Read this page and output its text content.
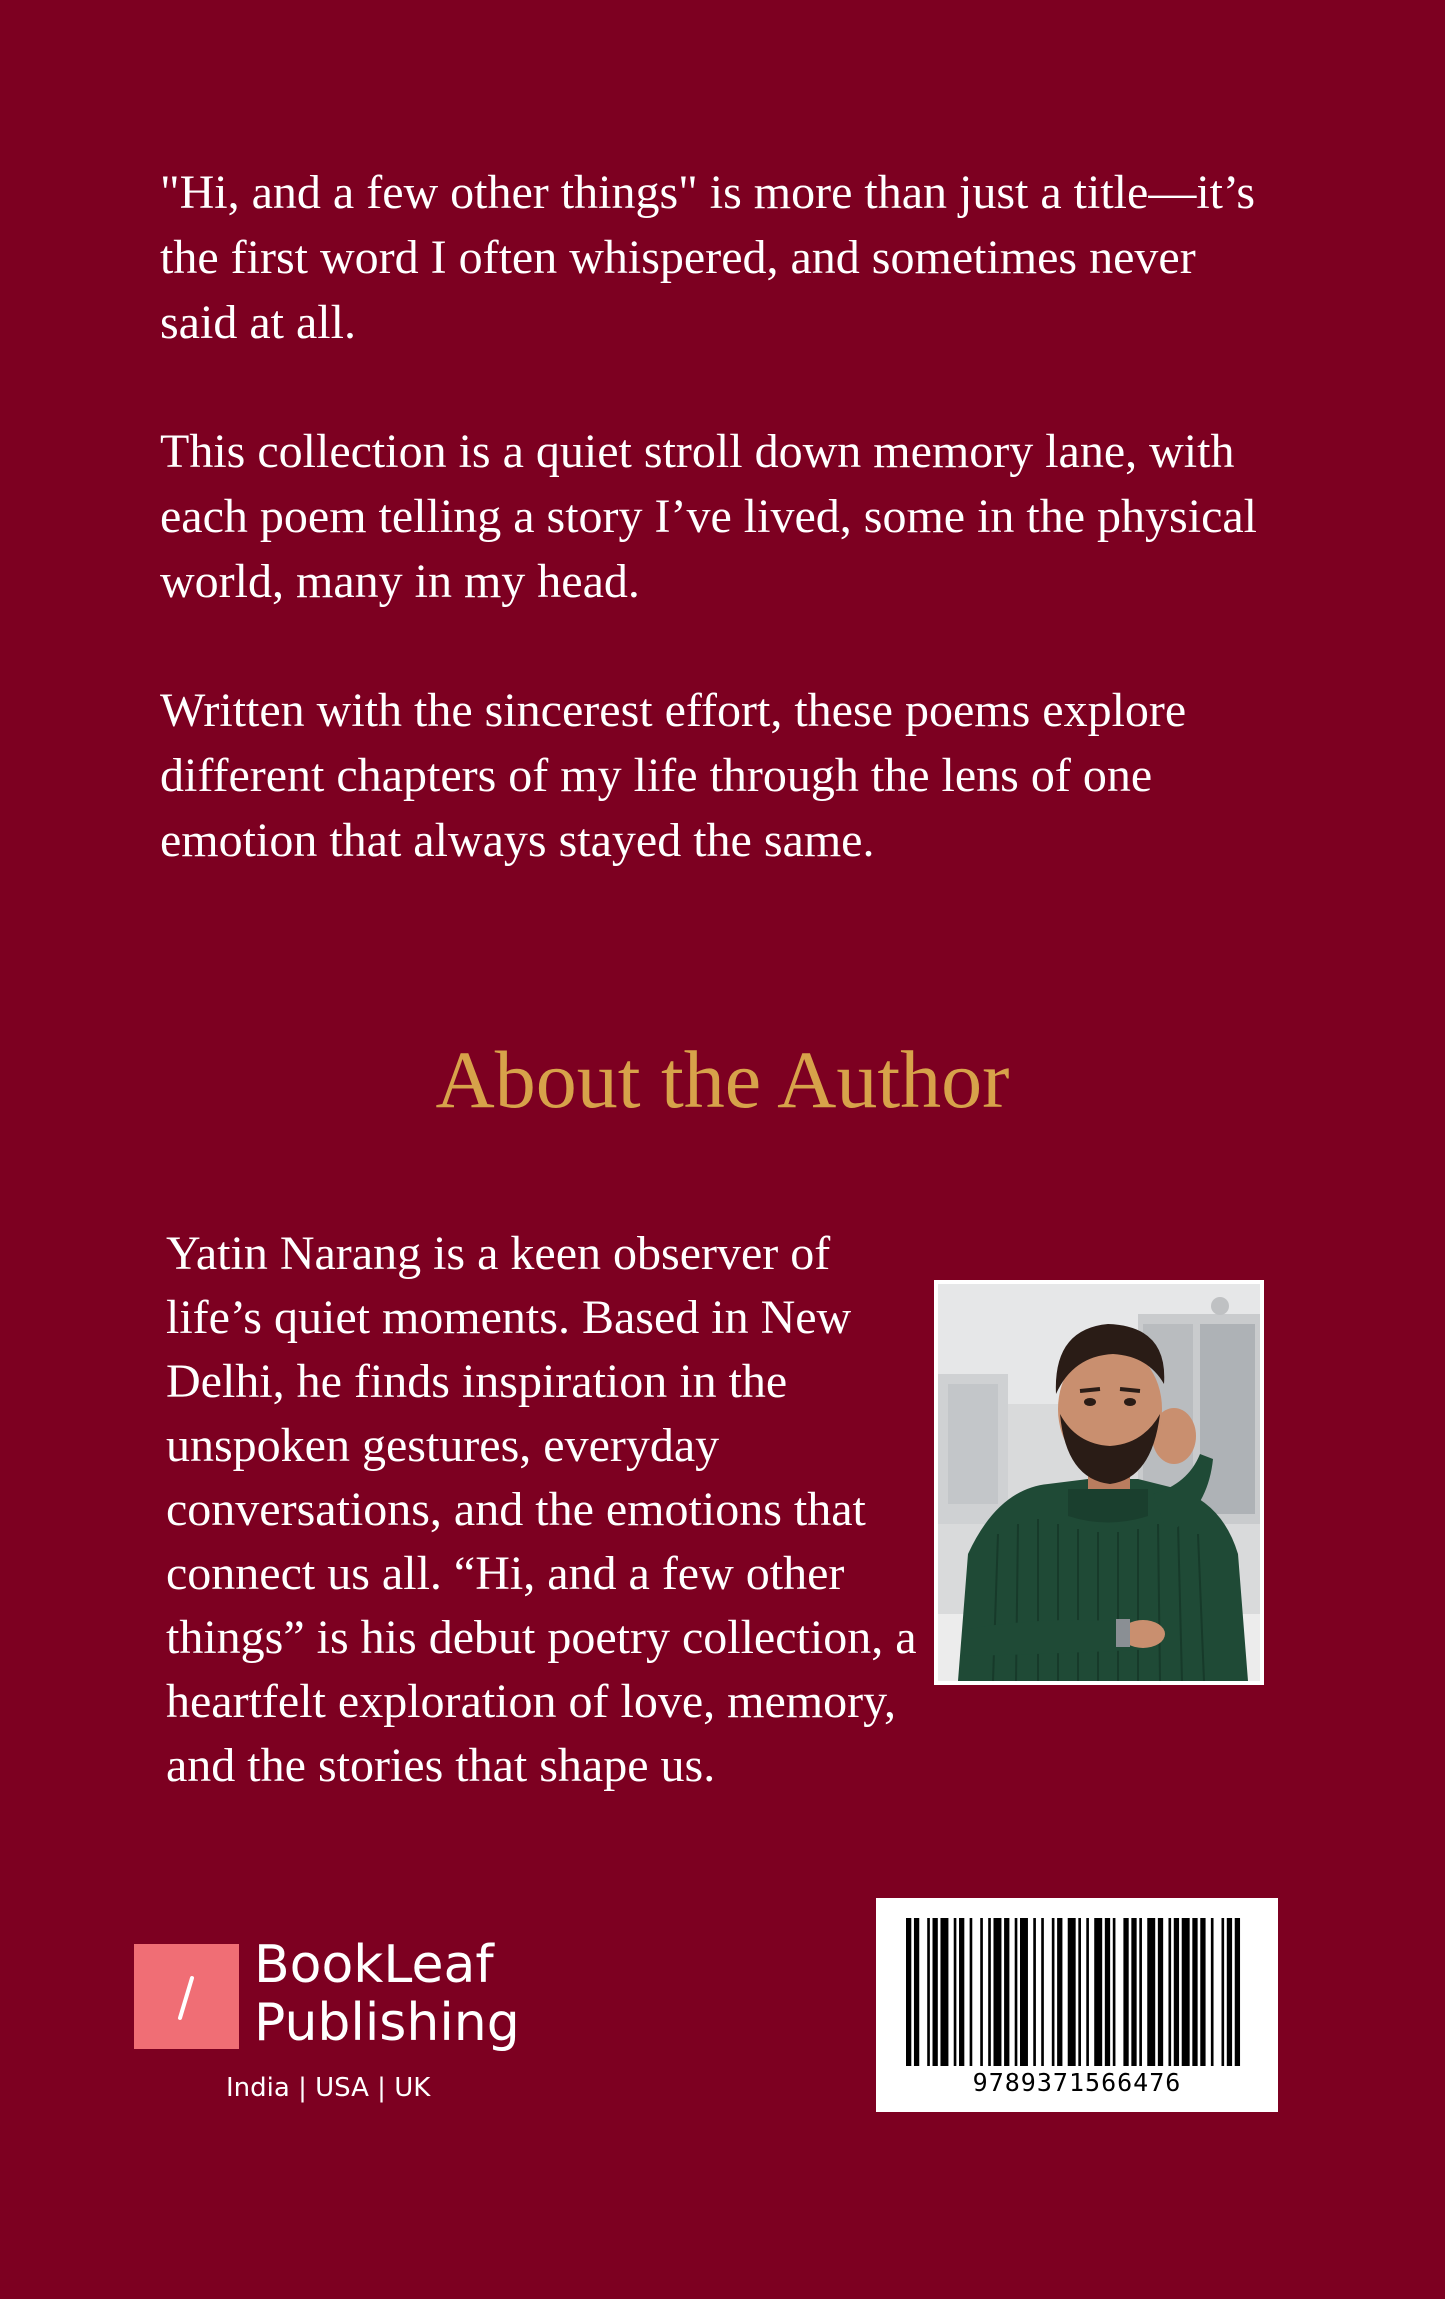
"Hi, and a few other things" is more than just a title—it’s the first word I often whispered, and sometimes never said at all.

This collection is a quiet stroll down memory lane, with each poem telling a story I’ve lived, some in the physical world, many in my head.

Written with the sincerest effort, these poems explore different chapters of my life through the lens of one emotion that always stayed the same.

About the Author

Yatin Narang is a keen observer of life’s quiet moments. Based in New Delhi, he finds inspiration in the unspoken gestures, everyday conversations, and the emotions that connect us all. “Hi, and a few other things” is his debut poetry collection, a heartfelt exploration of love, memory, and the stories that shape us.

BookLeaf
Publishing
India | USA | UK	9789371566476
